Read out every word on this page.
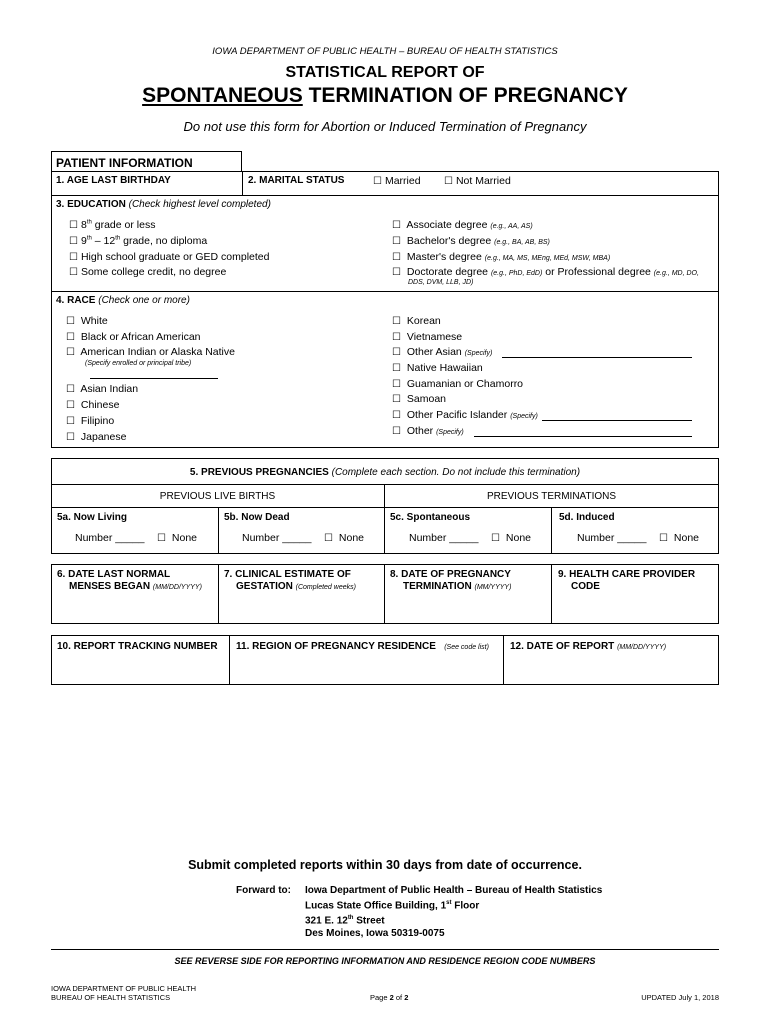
IOWA DEPARTMENT OF PUBLIC HEALTH – BUREAU OF HEALTH STATISTICS
STATISTICAL REPORT OF
SPONTANEOUS TERMINATION OF PREGNANCY
Do not use this form for Abortion or Induced Termination of Pregnancy
PATIENT INFORMATION
1. AGE LAST BIRTHDAY	2. MARITAL STATUS	☐ Married ☐ Not Married
3. EDUCATION (Check highest level completed)
☐ 8th grade or less
☐ 9th – 12th grade, no diploma
☐ High school graduate or GED completed
☐ Some college credit, no degree
☐ Associate degree (e.g., AA, AS)
☐ Bachelor's degree (e.g., BA, AB, BS)
☐ Master's degree (e.g., MA, MS, MEng, MEd, MSW, MBA)
☐ Doctorate degree (e.g., PhD, EdD) or Professional degree (e.g., MD, DO,
DDS, DVM, LLB, JD)
4. RACE (Check one or more)
☐ White
☐ Black or African American
☐ American Indian or Alaska Native
(Specify enrolled or principal tribe)
☐ Asian Indian
☐ Chinese
☐ Filipino
☐ Japanese
☐ Korean
☐ Vietnamese
☐ Other Asian (Specify)
☐ Native Hawaiian
☐ Guamanian or Chamorro
☐ Samoan
☐ Other Pacific Islander (Specify)
☐ Other (Specify)
5. PREVIOUS PREGNANCIES (Complete each section. Do not include this termination)
PREVIOUS LIVE BIRTHS	PREVIOUS TERMINATIONS
5a. Now Living	5b. Now Dead	5c. Spontaneous	5d. Induced
Number _____ ☐ None	Number _____ ☐ None	Number _____ ☐ None	Number _____ ☐ None
6. DATE LAST NORMAL
MENSES BEGAN (MM/DD/YYYY)
7. CLINICAL ESTIMATE OF
GESTATION (Completed weeks)
8. DATE OF PREGNANCY
TERMINATION (MM/YYYY)
9. HEALTH CARE PROVIDER
CODE
10. REPORT TRACKING NUMBER 11. REGION OF PREGNANCY RESIDENCE (See code list) 12. DATE OF REPORT (MM/DD/YYYY)
Submit completed reports within 30 days from date of occurrence.
Forward to: Iowa Department of Public Health – Bureau of Health Statistics
Lucas State Office Building, 1st Floor
321 E. 12th Street
Des Moines, Iowa 50319-0075
SEE REVERSE SIDE FOR REPORTING INFORMATION AND RESIDENCE REGION CODE NUMBERS
IOWA DEPARTMENT OF PUBLIC HEALTH
BUREAU OF HEALTH STATISTICS	Page 2 of 2	UPDATED July 1, 2018
